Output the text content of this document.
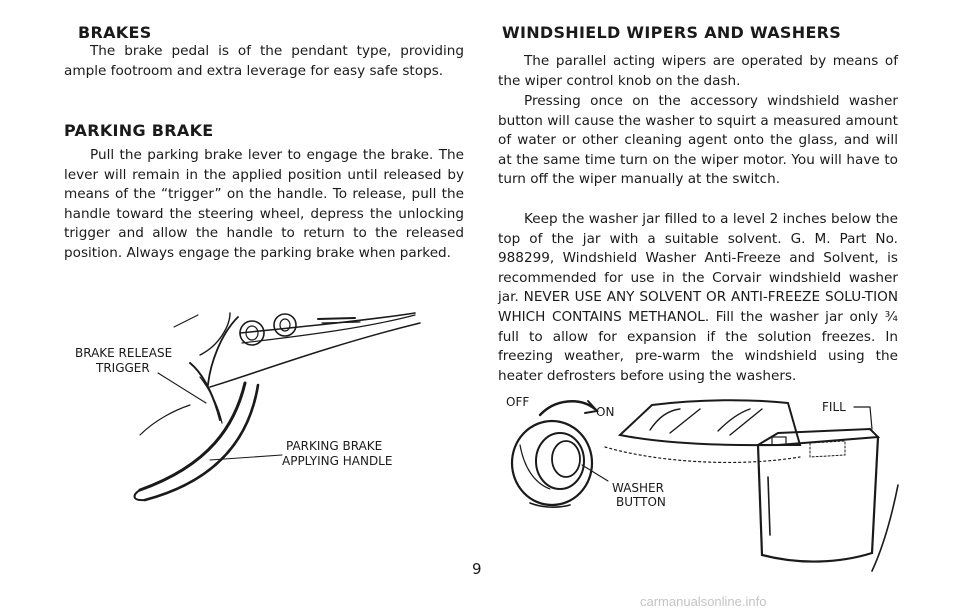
BRAKES

The brake pedal is of the pendant type, providing ample footroom and extra leverage for easy safe stops.

PARKING BRAKE

Pull the parking brake lever to engage the brake. The lever will remain in the applied position until released by means of the “trigger” on the handle. To release, pull the handle toward the steering wheel, depress the unlocking trigger and allow the handle to return to the released position. Always engage the parking brake when parked.

BRAKE RELEASE
TRIGGER
PARKING BRAKE
APPLYING HANDLE
WINDSHIELD WIPERS AND WASHERS

The parallel acting wipers are operated by means of the wiper control knob on the dash.

Pressing once on the accessory windshield washer button will cause the washer to squirt a measured amount of water or other cleaning agent onto the glass, and will at the same time turn on the wiper motor. You will have to turn off the wiper manually at the switch.

Keep the washer jar filled to a level 2 inches below the top of the jar with a suitable solvent. G. M. Part No. 988299, Windshield Washer Anti-Freeze and Solvent, is recommended for use in the Corvair windshield washer jar. NEVER USE ANY SOLVENT OR ANTI-FREEZE SOLU-TION WHICH CONTAINS METHANOL. Fill the washer jar only ¾ full to allow for expansion if the solution freezes. In freezing weather, pre-warm the windshield using the heater defrosters before using the washers.

OFF
ON	FILL
WASHER
BUTTON
9
carmanualsonline.info
